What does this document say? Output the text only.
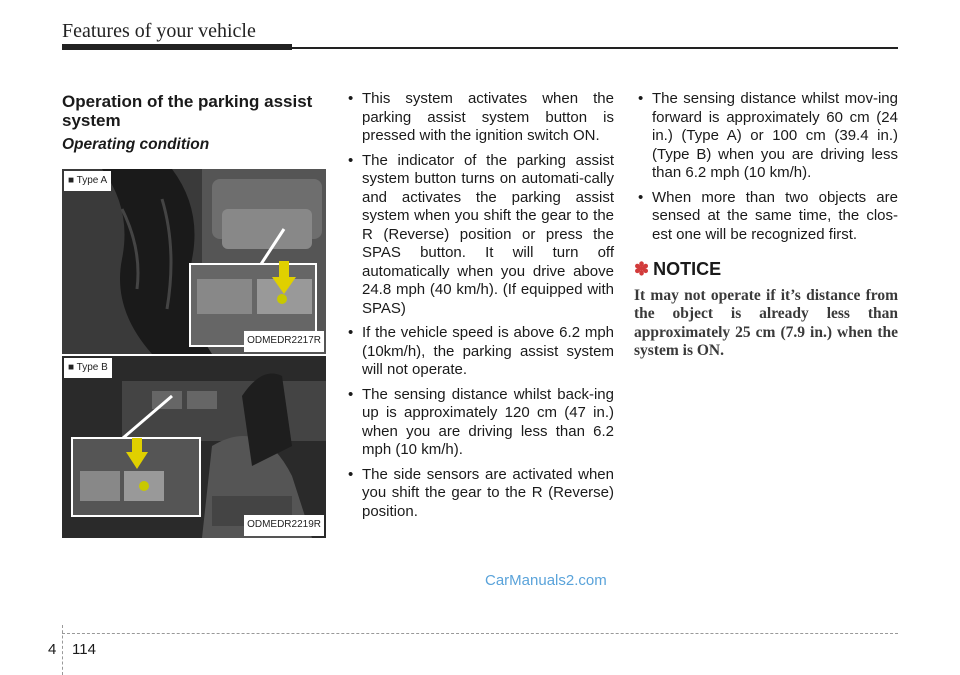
Features of your vehicle
Operation of the parking assist system
Operating condition
■ Type A
ODMEDR2217R
■ Type B
ODMEDR2219R
• This system activates when the parking assist system button is pressed with the ignition switch ON.
• The indicator of the parking assist system button turns on automati-cally and activates the parking assist system when you shift the gear to the R (Reverse) position or press the SPAS button. It will turn off automatically when you drive above 24.8 mph (40 km/h). (If equipped with SPAS)
• If the vehicle speed is above 6.2 mph (10km/h), the parking assist system will not operate.
• The sensing distance whilst back-ing up is approximately 120 cm (47 in.) when you are driving less than 6.2 mph (10 km/h).
• The side sensors are activated when you shift the gear to the R (Reverse) position.
• The sensing distance whilst mov-ing forward is approximately 60 cm (24 in.) (Type A) or 100 cm (39.4 in.) (Type B) when you are driving less than 6.2 mph (10 km/h).
• When more than two objects are sensed at the same time, the clos-est one will be recognized first.
✽ NOTICE
It may not operate if it’s distance from the object is already less than approximately 25 cm (7.9 in.) when the system is ON.
CarManuals2.com
4 114
